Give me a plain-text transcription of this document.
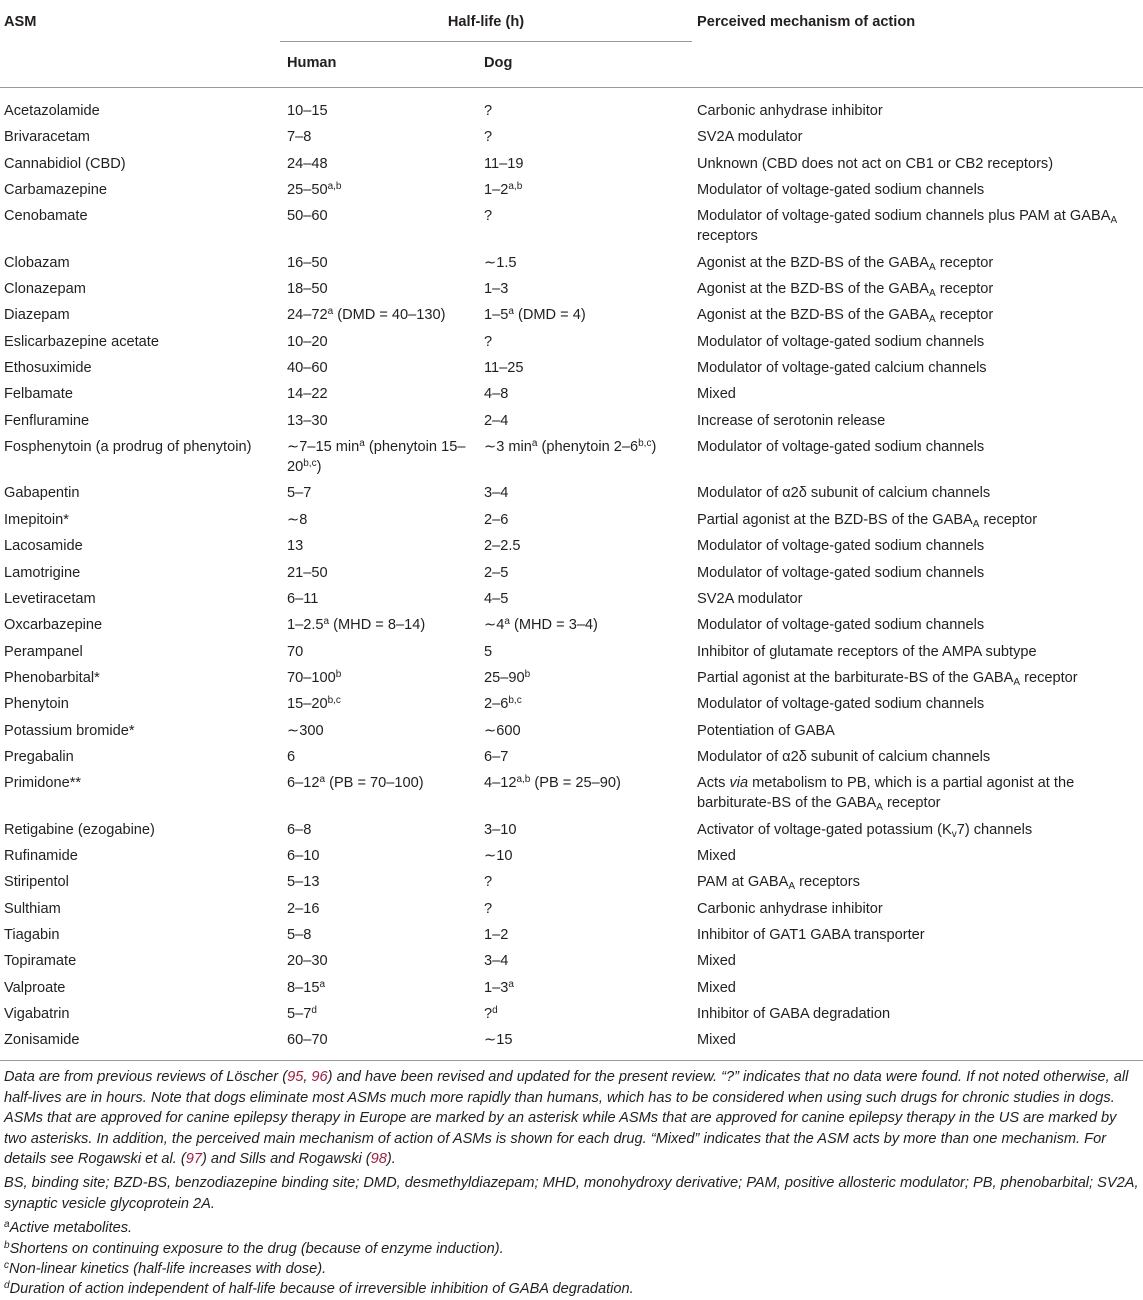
ASM	Half-life (h)		Perceived mechanism of action
	Human	Dog	
Acetazolamide	10–15	?	Carbonic anhydrase inhibitor
Brivaracetam	7–8	?	SV2A modulator
Cannabidiol (CBD)	24–48	11–19	Unknown (CBD does not act on CB1 or CB2 receptors)
Carbamazepine	25–50$^{a,b}$	1–2$^{a,b}$	Modulator of voltage-gated sodium channels
Cenobamate	50–60	?	Modulator of voltage-gated sodium channels plus PAM at $GABA_A$ receptors
Clobazam	16–50	∼1.5	Agonist at the BZD-BS of the $GABA_A$ receptor
Clonazepam	18–50	1–3	Agonist at the BZD-BS of the $GABA_A$ receptor
Diazepam	24–72$^a$ (DMD = 40–130)	1–5$^a$ (DMD = 4)	Agonist at the BZD-BS of the $GABA_A$ receptor
Eslicarbazepine acetate	10–20	?	Modulator of voltage-gated sodium channels
Ethosuximide	40–60	11–25	Modulator of voltage-gated calcium channels
Felbamate	14–22	4–8	Mixed
Fenfluramine	13–30	2–4	Increase of serotonin release
Fosphenytoin (a prodrug of phenytoin)	∼7–15 $\min^a$ (phenytoin 15–20$^{b,c}$)	∼3 $\min^a$ (phenytoin 2–6$^{b,c}$)	Modulator of voltage-gated sodium channels
Gabapentin	5–7	3–4	Modulator of α2δ subunit of calcium channels
Imepitoin*	∼8	2–6	Partial agonist at the BZD-BS of the $GABA_A$ receptor
Lacosamide	13	2–2.5	Modulator of voltage-gated sodium channels
Lamotrigine	21–50	2–5	Modulator of voltage-gated sodium channels
Levetiracetam	6–11	4–5	SV2A modulator
Oxcarbazepine	1–2.5$^a$ (MHD = 8–14)	∼4$^a$ (MHD = 3–4)	Modulator of voltage-gated sodium channels
Perampanel	70	5	Inhibitor of glutamate receptors of the AMPA subtype
Phenobarbital*	70–100$^b$	25–90$^b$	Partial agonist at the barbiturate-BS of the $GABA_A$ receptor
Phenytoin	15–20$^{b,c}$	2–6$^{b,c}$	Modulator of voltage-gated sodium channels
Potassium bromide*	∼300	∼600	Potentiation of GABA
Pregabalin	6	6–7	Modulator of α2δ subunit of calcium channels
Primidone**	6–12$^a$ (PB = 70–100)	4–12$^{a,b}$ (PB = 25–90)	Acts via metabolism to PB, which is a partial agonist at the barbiturate-BS of the $GABA_A$ receptor
Retigabine (ezogabine)	6–8	3–10	Activator of voltage-gated potassium $(K_v7)$ channels
Rufinamide	6–10	∼10	Mixed
Stiripentol	5–13	?	PAM at $GABA_A$ receptors
Sulthiam	2–16	?	Carbonic anhydrase inhibitor
Tiagabin	5–8	1–2	Inhibitor of GAT1 GABA transporter
Topiramate	20–30	3–4	Mixed
Valproate	8–15$^a$	1–3$^a$	Mixed
Vigabatrin	5–7$^d$	?$^d$	Inhibitor of GABA degradation
Zonisamide	60–70	∼15	Mixed

Data are from previous reviews of Löscher (95, 96) and have been revised and updated for the present review. “?” indicates that no data were found. If not noted otherwise, all half-lives are in hours. Note that dogs eliminate most ASMs much more rapidly than humans, which has to be considered when using such drugs for chronic studies in dogs. ASMs that are approved for canine epilepsy therapy in Europe are marked by an asterisk while ASMs that are approved for canine epilepsy therapy in the US are marked by two asterisks. In addition, the perceived main mechanism of action of ASMs is shown for each drug. “Mixed” indicates that the ASM acts by more than one mechanism. For details see Rogawski et al. (97) and Sills and Rogawski (98).

BS, binding site; BZD-BS, benzodiazepine binding site; DMD, desmethyldiazepam; MHD, monohydroxy derivative; PAM, positive allosteric modulator; PB, phenobarbital; SV2A, synaptic vesicle glycoprotein 2A.

$^a$Active metabolites.

$^b$Shortens on continuing exposure to the drug (because of enzyme induction).

$^c$Non-linear kinetics (half-life increases with dose).

$^d$Duration of action independent of half-life because of irreversible inhibition of GABA degradation.
